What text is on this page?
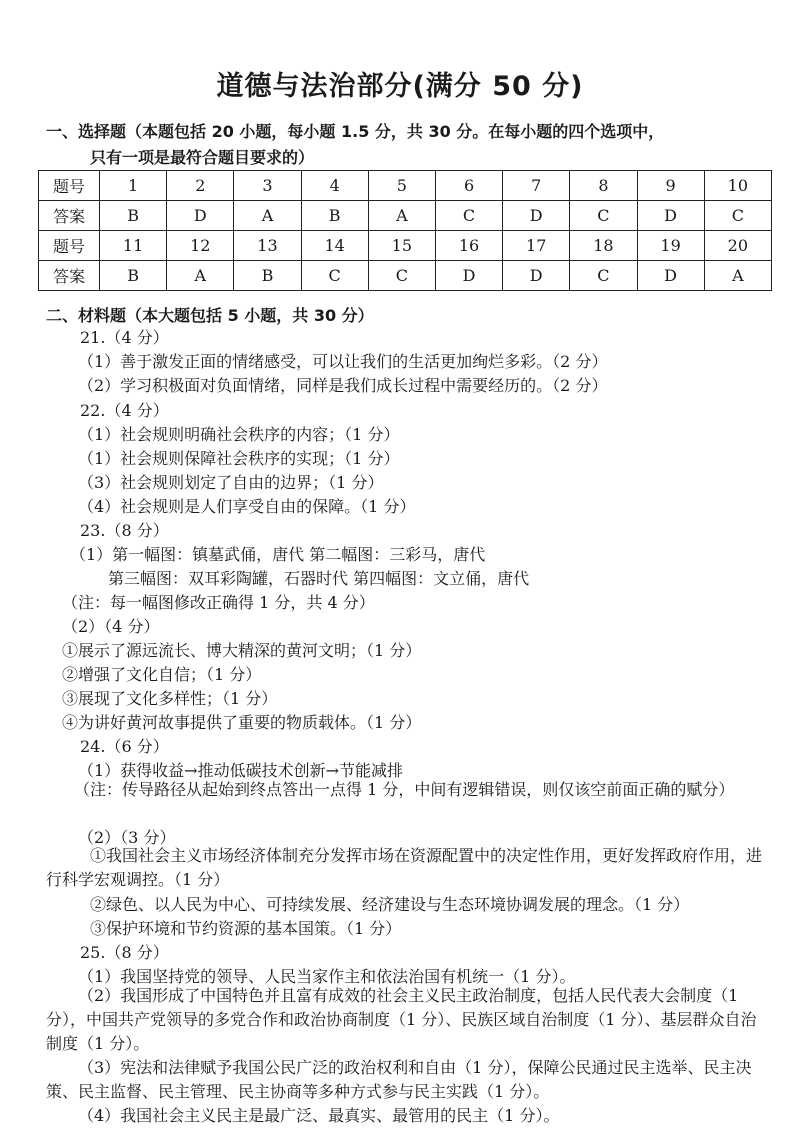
道德与法治部分(满分 50 分)
一、选择题（本题包括 20 小题，每小题 1.5 分，共 30 分。在每小题的四个选项中，
只有一项是最符合题目要求的）
题号	1	2	3	4	5	6	7	8	9	10
答案	B	D	A	B	A	C	D	C	D	C
题号	11	12	13	14	15	16	17	18	19	20
答案	B	A	B	C	C	D	D	C	D	A
二、材料题（本大题包括 5 小题，共 30 分）
21.（4 分）
（1）善于激发正面的情绪感受，可以让我们的生活更加绚烂多彩。（2 分）
（2）学习积极面对负面情绪，同样是我们成长过程中需要经历的。（2 分）
22.（4 分）
（1）社会规则明确社会秩序的内容；（1 分）
（1）社会规则保障社会秩序的实现；（1 分）
（3）社会规则划定了自由的边界；（1 分）
（4）社会规则是人们享受自由的保障。（1 分）
23.（8 分）
（1）第一幅图：镇墓武俑，唐代 第二幅图：三彩马，唐代
第三幅图：双耳彩陶罐，石器时代 第四幅图：文立俑，唐代
（注：每一幅图修改正确得 1 分，共 4 分）
（2）（4 分）
①展示了源远流长、博大精深的黄河文明；（1 分）
②增强了文化自信；（1 分）
③展现了文化多样性；（1 分）
④为讲好黄河故事提供了重要的物质载体。（1 分）
24.（6 分）
（1）获得收益→推动低碳技术创新→节能减排
（注：传导路径从起始到终点答出一点得 1 分，中间有逻辑错误，则仅该空前面正确的赋分）
（2）（3 分）
①我国社会主义市场经济体制充分发挥市场在资源配置中的决定性作用，更好发挥政府作用，进行科学宏观调控。（1 分）
②绿色、以人民为中心、可持续发展、经济建设与生态环境协调发展的理念。（1 分）
③保护环境和节约资源的基本国策。（1 分）
25.（8 分）
（1）我国坚持党的领导、人民当家作主和依法治国有机统一（1 分）。
（2）我国形成了中国特色并且富有成效的社会主义民主政治制度，包括人民代表大会制度（1 分），中国共产党领导的多党合作和政治协商制度（1 分）、民族区域自治制度（1 分）、基层群众自治制度（1 分）。
（3）宪法和法律赋予我国公民广泛的政治权利和自由（1 分），保障公民通过民主选举、民主决策、民主监督、民主管理、民主协商等多种方式参与民主实践（1 分）。
（4）我国社会主义民主是最广泛、最真实、最管用的民主（1 分）。
